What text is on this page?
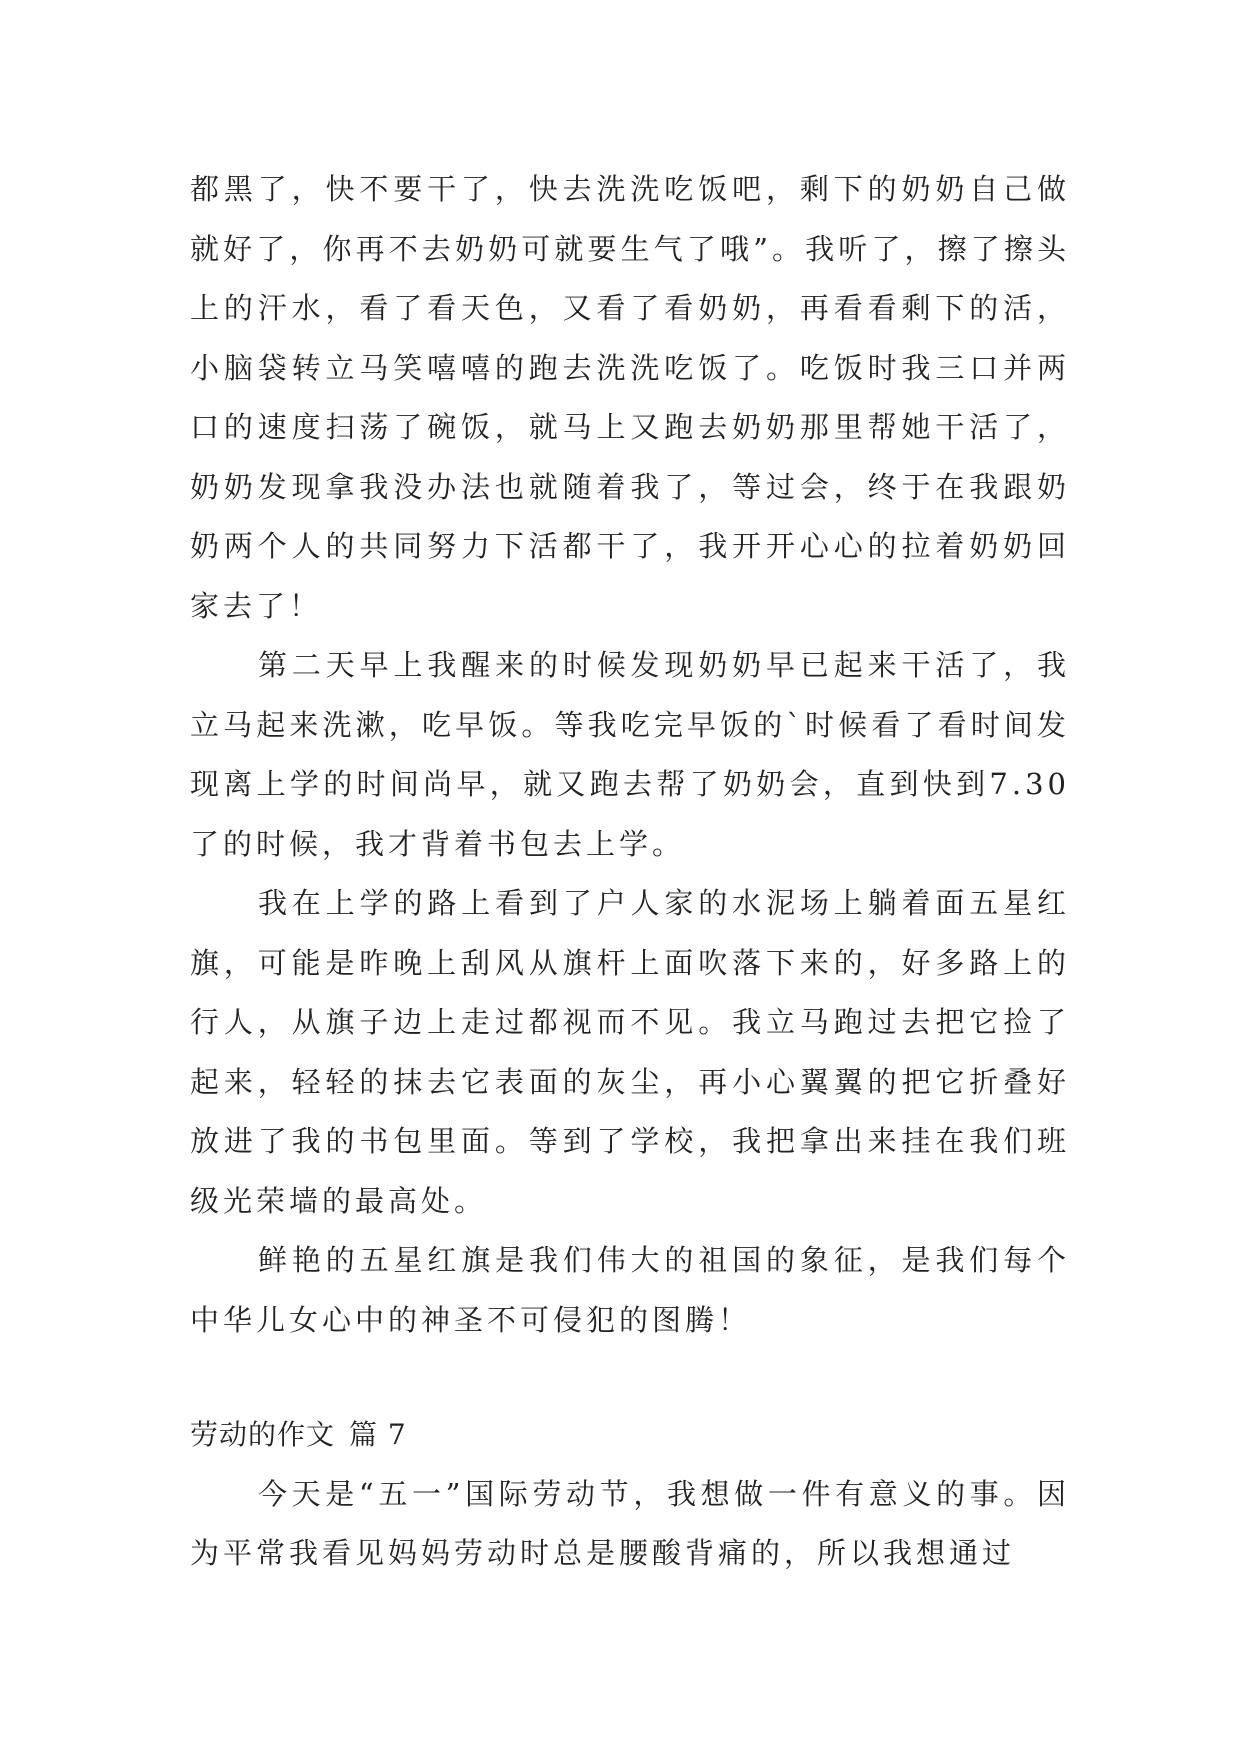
都黑了，快不要干了，快去洗洗吃饭吧，剩下的奶奶自己做就好了，你再不去奶奶可就要生气了哦”。我听了，擦了擦头上的汗水，看了看天色，又看了看奶奶，再看看剩下的活，小脑袋转立马笑嘻嘻的跑去洗洗吃饭了。吃饭时我三口并两口的速度扫荡了碗饭，就马上又跑去奶奶那里帮她干活了，奶奶发现拿我没办法也就随着我了，等过会，终于在我跟奶奶两个人的共同努力下活都干了，我开开心心的拉着奶奶回家去了！

第二天早上我醒来的时候发现奶奶早已起来干活了，我立马起来洗漱，吃早饭。等我吃完早饭的`时候看了看时间发现离上学的时间尚早，就又跑去帮了奶奶会，直到快到7.30了的时候，我才背着书包去上学。

我在上学的路上看到了户人家的水泥场上躺着面五星红旗，可能是昨晚上刮风从旗杆上面吹落下来的，好多路上的行人，从旗子边上走过都视而不见。我立马跑过去把它捡了起来，轻轻的抹去它表面的灰尘，再小心翼翼的把它折叠好放进了我的书包里面。等到了学校，我把拿出来挂在我们班级光荣墙的最高处。

鲜艳的五星红旗是我们伟大的祖国的象征，是我们每个中华儿女心中的神圣不可侵犯的图腾！

劳动的作文 篇 7

今天是“五一”国际劳动节，我想做一件有意义的事。因为平常我看见妈妈劳动时总是腰酸背痛的，所以我想通过
